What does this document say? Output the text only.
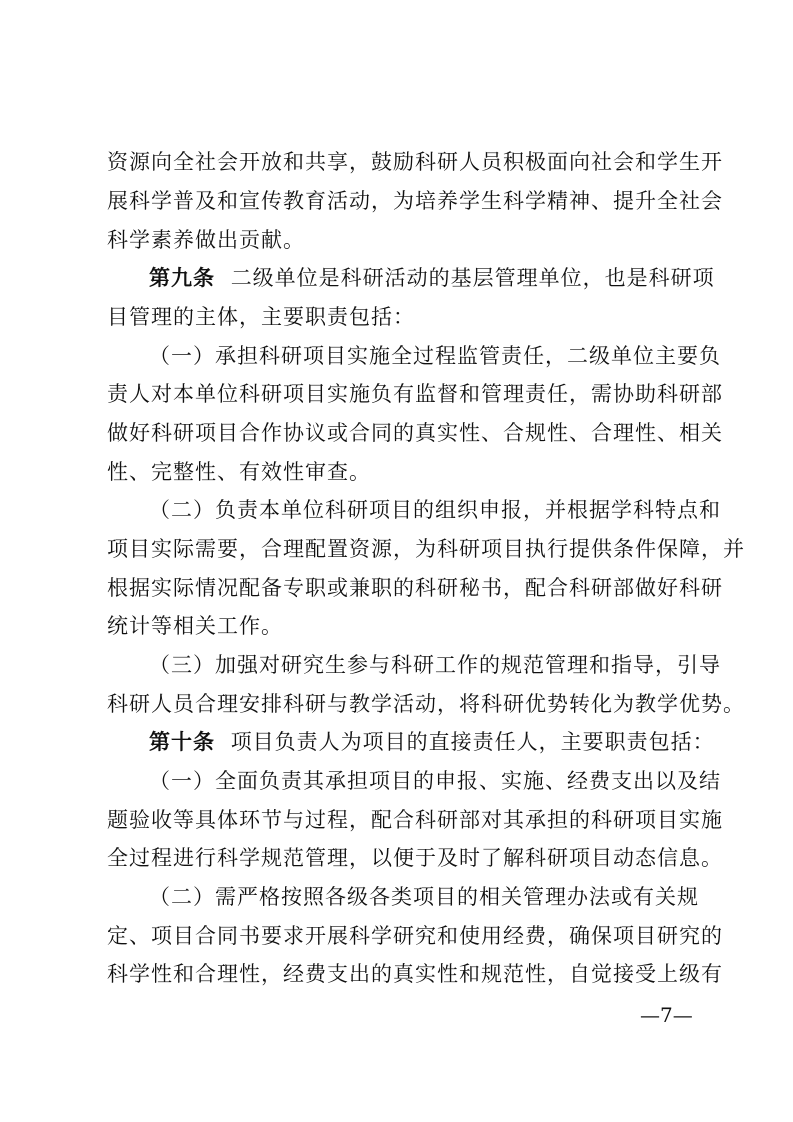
资源向全社会开放和共享，鼓励科研人员积极面向社会和学生开
展科学普及和宣传教育活动，为培养学生科学精神、提升全社会
科学素养做出贡献。
第九条 二级单位是科研活动的基层管理单位，也是科研项
目管理的主体，主要职责包括：
（一）承担科研项目实施全过程监管责任，二级单位主要负
责人对本单位科研项目实施负有监督和管理责任，需协助科研部
做好科研项目合作协议或合同的真实性、合规性、合理性、相关
性、完整性、有效性审查。
（二）负责本单位科研项目的组织申报，并根据学科特点和
项目实际需要，合理配置资源，为科研项目执行提供条件保障，并
根据实际情况配备专职或兼职的科研秘书，配合科研部做好科研
统计等相关工作。
（三）加强对研究生参与科研工作的规范管理和指导，引导
科研人员合理安排科研与教学活动，将科研优势转化为教学优势。
第十条 项目负责人为项目的直接责任人，主要职责包括：
（一）全面负责其承担项目的申报、实施、经费支出以及结
题验收等具体环节与过程，配合科研部对其承担的科研项目实施
全过程进行科学规范管理，以便于及时了解科研项目动态信息。
（二）需严格按照各级各类项目的相关管理办法或有关规
定、项目合同书要求开展科学研究和使用经费，确保项目研究的
科学性和合理性，经费支出的真实性和规范性，自觉接受上级有
—7—
